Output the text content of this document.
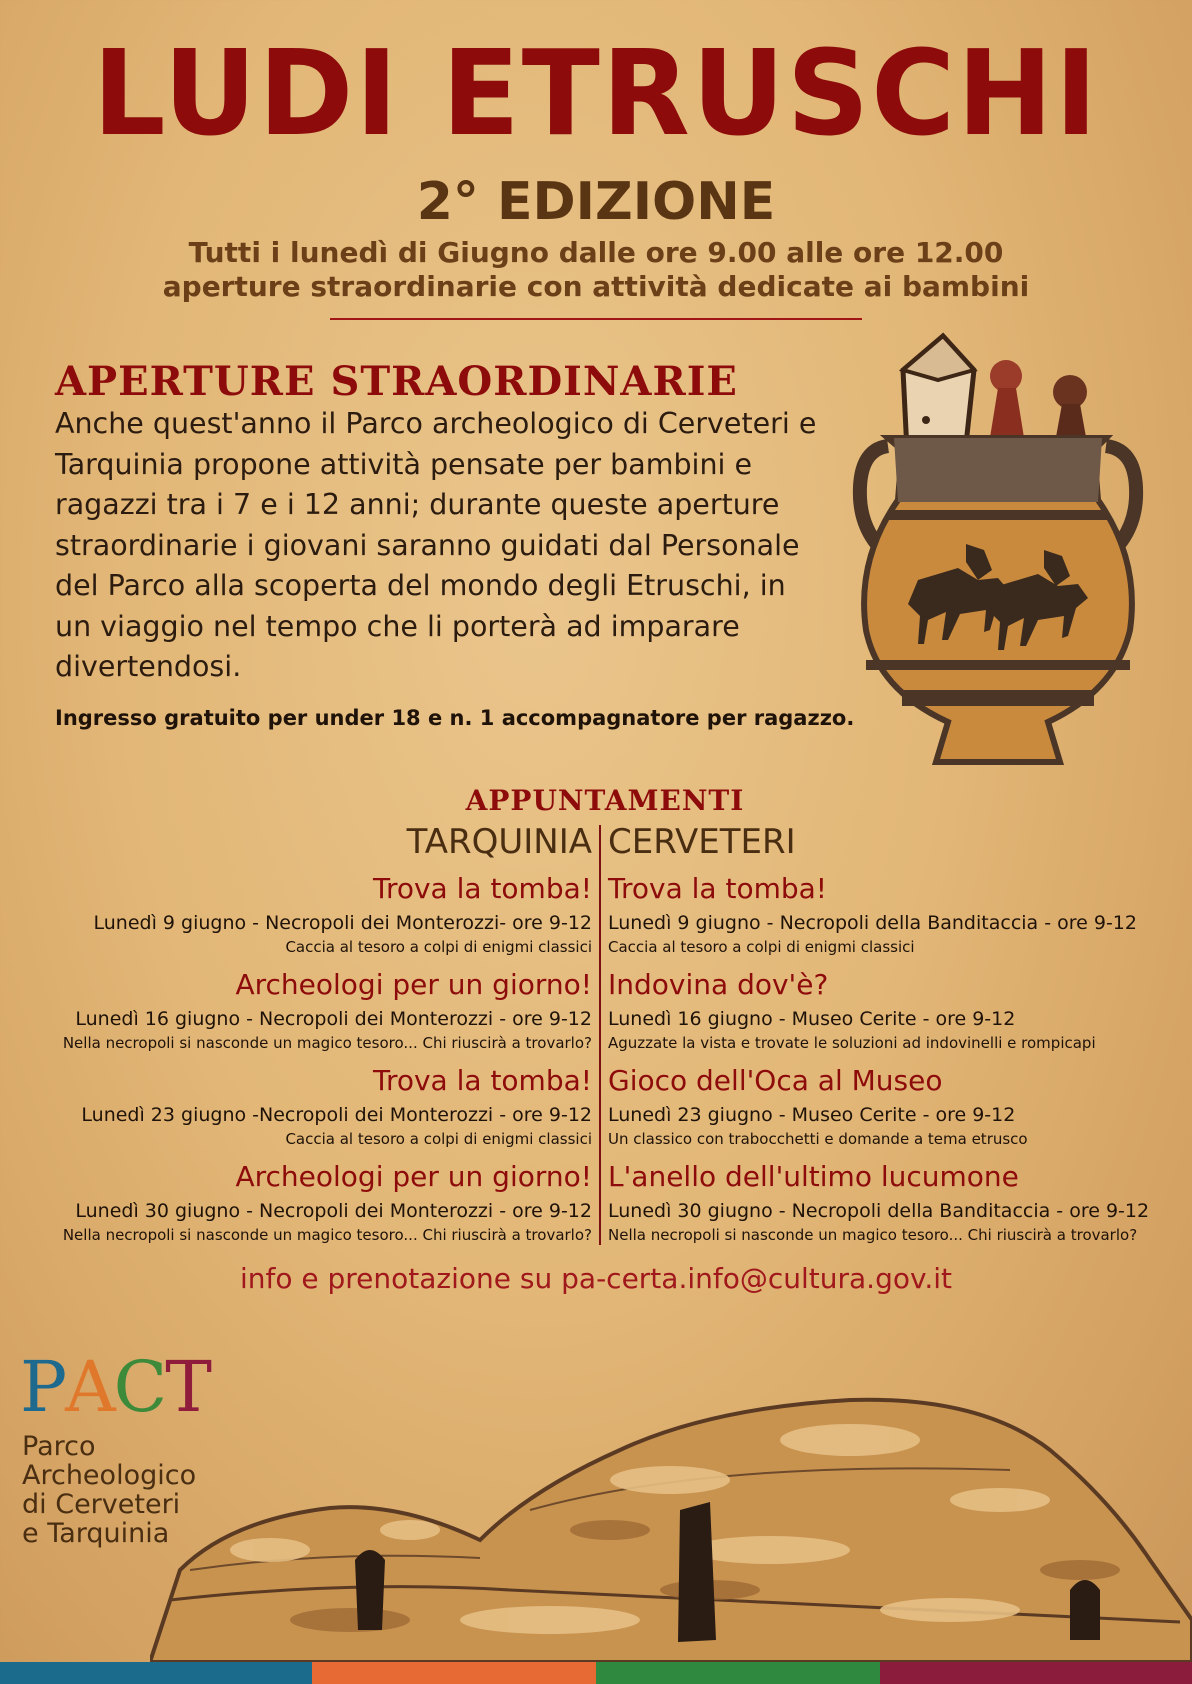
LUDI ETRUSCHI
2° EDIZIONE
Tutti i lunedì di Giugno dalle ore 9.00 alle ore 12.00
aperture straordinarie con attività dedicate ai bambini
APERTURE STRAORDINARIE
Anche quest'anno il Parco archeologico di Cerveteri e
Tarquinia propone attività pensate per bambini e
ragazzi tra i 7 e i 12 anni; durante queste aperture
straordinarie i giovani saranno guidati dal Personale
del Parco alla scoperta del mondo degli Etruschi, in
un viaggio nel tempo che li porterà ad imparare
divertendosi.
Ingresso gratuito per under 18 e n. 1 accompagnatore per ragazzo.
APPUNTAMENTI
TARQUINIA CERVETERI
Trova la tomba!
Lunedì 9 giugno - Necropoli dei Monterozzi- ore 9-12
Caccia al tesoro a colpi di enigmi classici
Archeologi per un giorno!
Lunedì 16 giugno - Necropoli dei Monterozzi - ore 9-12
Nella necropoli si nasconde un magico tesoro... Chi riuscirà a trovarlo?
Trova la tomba!
Lunedì 23 giugno -Necropoli dei Monterozzi - ore 9-12
Caccia al tesoro a colpi di enigmi classici
Archeologi per un giorno!
Lunedì 30 giugno - Necropoli dei Monterozzi - ore 9-12
Nella necropoli si nasconde un magico tesoro... Chi riuscirà a trovarlo?
Trova la tomba!
Lunedì 9 giugno - Necropoli della Banditaccia - ore 9-12
Caccia al tesoro a colpi di enigmi classici
Indovina dov'è?
Lunedì 16 giugno - Museo Cerite - ore 9-12
Aguzzate la vista e trovate le soluzioni ad indovinelli e rompicapi
Gioco dell'Oca al Museo
Lunedì 23 giugno - Museo Cerite - ore 9-12
Un classico con trabocchetti e domande a tema etrusco
L'anello dell'ultimo lucumone
Lunedì 30 giugno - Necropoli della Banditaccia - ore 9-12
Nella necropoli si nasconde un magico tesoro... Chi riuscirà a trovarlo?
info e prenotazione su pa-certa.info@cultura.gov.it
PACT
Parco
Archeologico
di Cerveteri
e Tarquinia
